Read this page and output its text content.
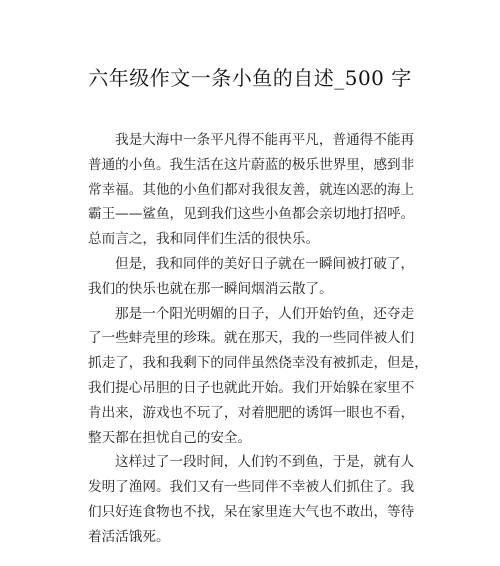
六年级作文一条小鱼的自述_500 字
我是大海中一条平凡得不能再平凡，普通得不能再
普通的小鱼。我生活在这片蔚蓝的极乐世界里，感到非
常幸福。其他的小鱼们都对我很友善，就连凶恶的海上
霸王——鲨鱼，见到我们这些小鱼都会亲切地打招呼。
总而言之，我和同伴们生活的很快乐。
但是，我和同伴的美好日子就在一瞬间被打破了，
我们的快乐也就在那一瞬间烟消云散了。
那是一个阳光明媚的日子，人们开始钓鱼，还夺走
了一些蚌壳里的珍珠。就在那天，我的一些同伴被人们
抓走了，我和我剩下的同伴虽然侥幸没有被抓走，但是，
我们提心吊胆的日子也就此开始。我们开始躲在家里不
肯出来，游戏也不玩了，对着肥肥的诱饵一眼也不看，
整天都在担忧自己的安全。
这样过了一段时间，人们钓不到鱼，于是，就有人
发明了渔网。我们又有一些同伴不幸被人们抓住了。我
们只好连食物也不找，呆在家里连大气也不敢出，等待
着活活饿死。
